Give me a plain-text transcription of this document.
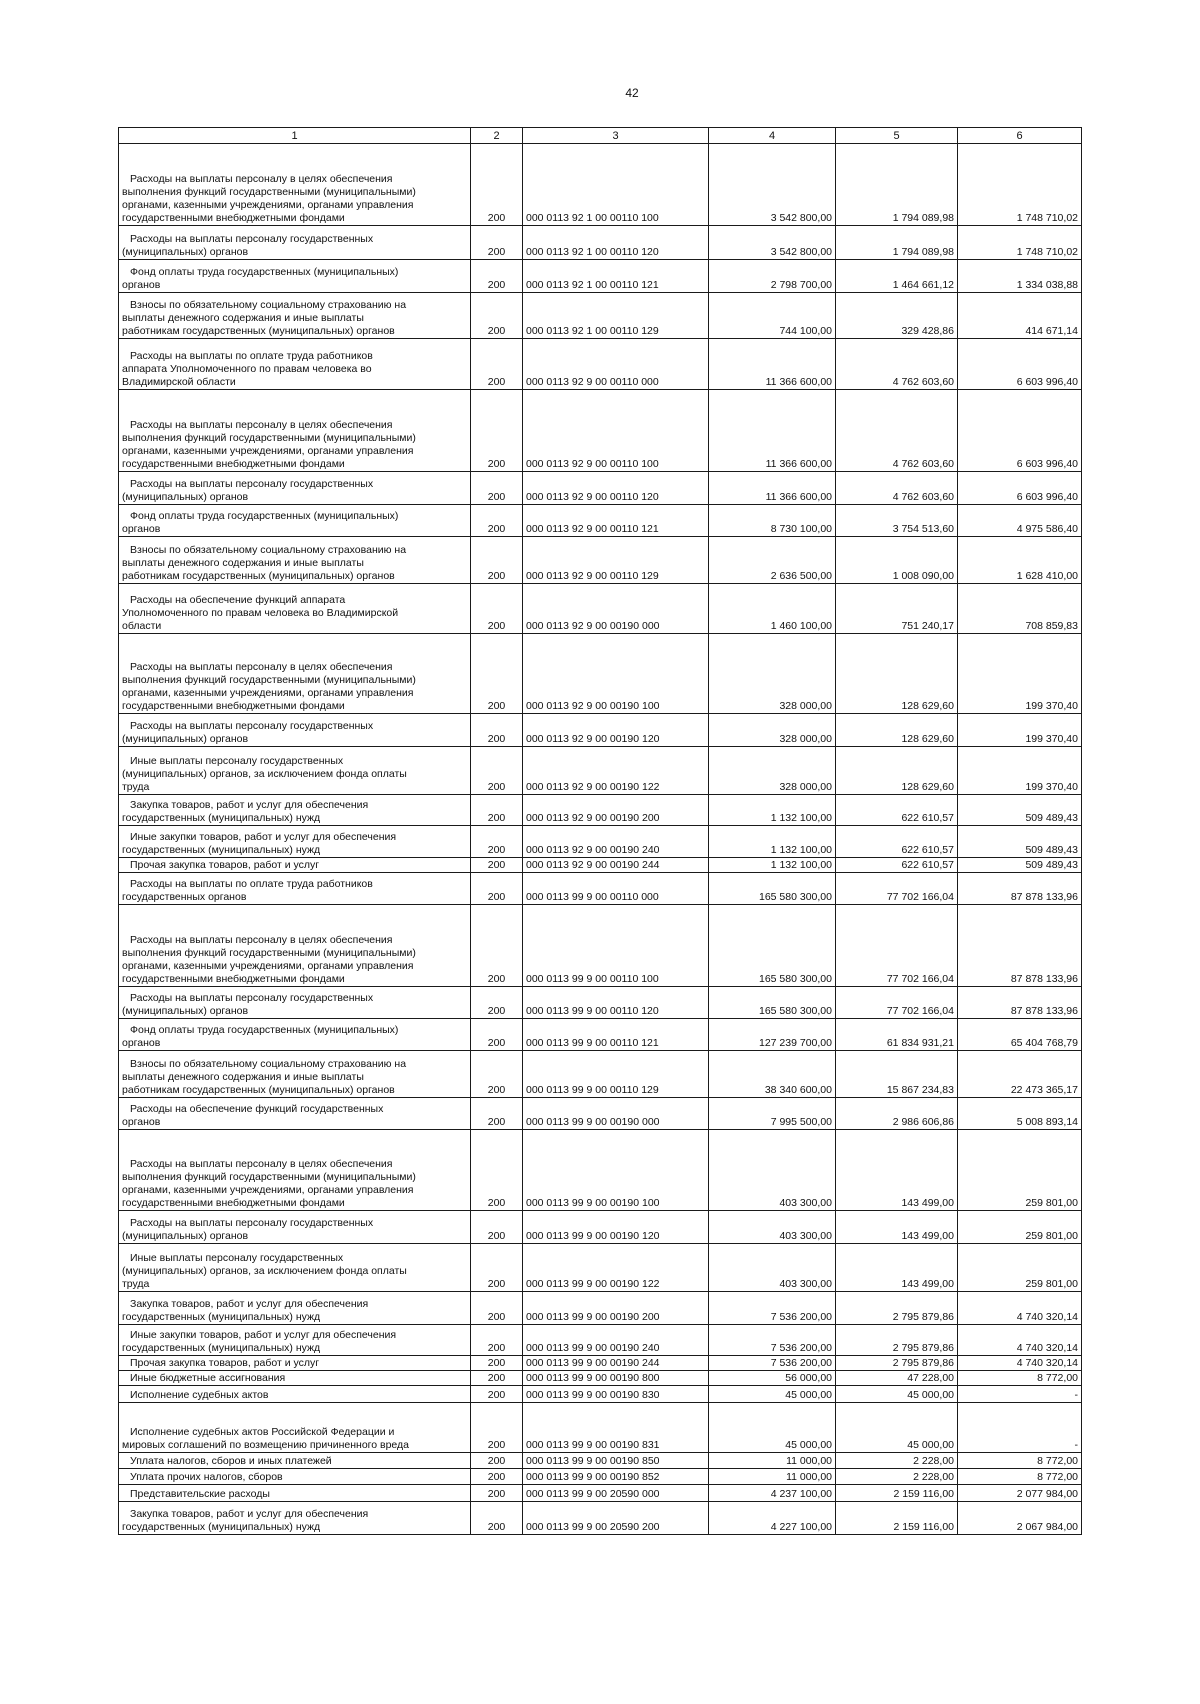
42
1	2	3	4	5	6

Расходы на выплаты персоналу в целях обеспечения
выполнения функций государственными (муниципальными)
органами, казенными учреждениями, органами управления
государственными внебюджетными фондами	200	000 0113 92 1 00 00110 100	3 542 800,00	1 794 089,98	1 748 710,02

Расходы на выплаты персоналу государственных
(муниципальных) органов	200	000 0113 92 1 00 00110 120	3 542 800,00	1 794 089,98	1 748 710,02

Фонд оплаты труда государственных (муниципальных)
органов	200	000 0113 92 1 00 00110 121	2 798 700,00	1 464 661,12	1 334 038,88

Взносы по обязательному социальному страхованию на
выплаты денежного содержания и иные выплаты
работникам государственных (муниципальных) органов	200	000 0113 92 1 00 00110 129	744 100,00	329 428,86	414 671,14

Расходы на выплаты по оплате труда работников
аппарата Уполномоченного по правам человека во
Владимирской области	200	000 0113 92 9 00 00110 000	11 366 600,00	4 762 603,60	6 603 996,40

Расходы на выплаты персоналу в целях обеспечения
выполнения функций государственными (муниципальными)
органами, казенными учреждениями, органами управления
государственными внебюджетными фондами	200	000 0113 92 9 00 00110 100	11 366 600,00	4 762 603,60	6 603 996,40

Расходы на выплаты персоналу государственных
(муниципальных) органов	200	000 0113 92 9 00 00110 120	11 366 600,00	4 762 603,60	6 603 996,40

Фонд оплаты труда государственных (муниципальных)
органов	200	000 0113 92 9 00 00110 121	8 730 100,00	3 754 513,60	4 975 586,40

Взносы по обязательному социальному страхованию на
выплаты денежного содержания и иные выплаты
работникам государственных (муниципальных) органов	200	000 0113 92 9 00 00110 129	2 636 500,00	1 008 090,00	1 628 410,00

Расходы на обеспечение функций аппарата
Уполномоченного по правам человека во Владимирской
области	200	000 0113 92 9 00 00190 000	1 460 100,00	751 240,17	708 859,83

Расходы на выплаты персоналу в целях обеспечения
выполнения функций государственными (муниципальными)
органами, казенными учреждениями, органами управления
государственными внебюджетными фондами	200	000 0113 92 9 00 00190 100	328 000,00	128 629,60	199 370,40

Расходы на выплаты персоналу государственных
(муниципальных) органов	200	000 0113 92 9 00 00190 120	328 000,00	128 629,60	199 370,40

Иные выплаты персоналу государственных
(муниципальных) органов, за исключением фонда оплаты
труда	200	000 0113 92 9 00 00190 122	328 000,00	128 629,60	199 370,40

Закупка товаров, работ и услуг для обеспечения
государственных (муниципальных) нужд	200	000 0113 92 9 00 00190 200	1 132 100,00	622 610,57	509 489,43

Иные закупки товаров, работ и услуг для обеспечения
государственных (муниципальных) нужд	200	000 0113 92 9 00 00190 240	1 132 100,00	622 610,57	509 489,43

Прочая закупка товаров, работ и услуг	200	000 0113 92 9 00 00190 244	1 132 100,00	622 610,57	509 489,43

Расходы на выплаты по оплате труда работников
государственных органов	200	000 0113 99 9 00 00110 000	165 580 300,00	77 702 166,04	87 878 133,96

Расходы на выплаты персоналу в целях обеспечения
выполнения функций государственными (муниципальными)
органами, казенными учреждениями, органами управления
государственными внебюджетными фондами	200	000 0113 99 9 00 00110 100	165 580 300,00	77 702 166,04	87 878 133,96

Расходы на выплаты персоналу государственных
(муниципальных) органов	200	000 0113 99 9 00 00110 120	165 580 300,00	77 702 166,04	87 878 133,96

Фонд оплаты труда государственных (муниципальных)
органов	200	000 0113 99 9 00 00110 121	127 239 700,00	61 834 931,21	65 404 768,79

Взносы по обязательному социальному страхованию на
выплаты денежного содержания и иные выплаты
работникам государственных (муниципальных) органов	200	000 0113 99 9 00 00110 129	38 340 600,00	15 867 234,83	22 473 365,17

Расходы на обеспечение функций государственных
органов	200	000 0113 99 9 00 00190 000	7 995 500,00	2 986 606,86	5 008 893,14

Расходы на выплаты персоналу в целях обеспечения
выполнения функций государственными (муниципальными)
органами, казенными учреждениями, органами управления
государственными внебюджетными фондами	200	000 0113 99 9 00 00190 100	403 300,00	143 499,00	259 801,00

Расходы на выплаты персоналу государственных
(муниципальных) органов	200	000 0113 99 9 00 00190 120	403 300,00	143 499,00	259 801,00

Иные выплаты персоналу государственных
(муниципальных) органов, за исключением фонда оплаты
труда	200	000 0113 99 9 00 00190 122	403 300,00	143 499,00	259 801,00

Закупка товаров, работ и услуг для обеспечения
государственных (муниципальных) нужд	200	000 0113 99 9 00 00190 200	7 536 200,00	2 795 879,86	4 740 320,14

Иные закупки товаров, работ и услуг для обеспечения
государственных (муниципальных) нужд	200	000 0113 99 9 00 00190 240	7 536 200,00	2 795 879,86	4 740 320,14

Прочая закупка товаров, работ и услуг	200	000 0113 99 9 00 00190 244	7 536 200,00	2 795 879,86	4 740 320,14

Иные бюджетные ассигнования	200	000 0113 99 9 00 00190 800	56 000,00	47 228,00	8 772,00

Исполнение судебных актов	200	000 0113 99 9 00 00190 830	45 000,00	45 000,00	-

Исполнение судебных актов Российской Федерации и
мировых соглашений по возмещению причиненного вреда	200	000 0113 99 9 00 00190 831	45 000,00	45 000,00	-

Уплата налогов, сборов и иных платежей	200	000 0113 99 9 00 00190 850	11 000,00	2 228,00	8 772,00

Уплата прочих налогов, сборов	200	000 0113 99 9 00 00190 852	11 000,00	2 228,00	8 772,00

Представительские расходы	200	000 0113 99 9 00 20590 000	4 237 100,00	2 159 116,00	2 077 984,00

Закупка товаров, работ и услуг для обеспечения
государственных (муниципальных) нужд	200	000 0113 99 9 00 20590 200	4 227 100,00	2 159 116,00	2 067 984,00
